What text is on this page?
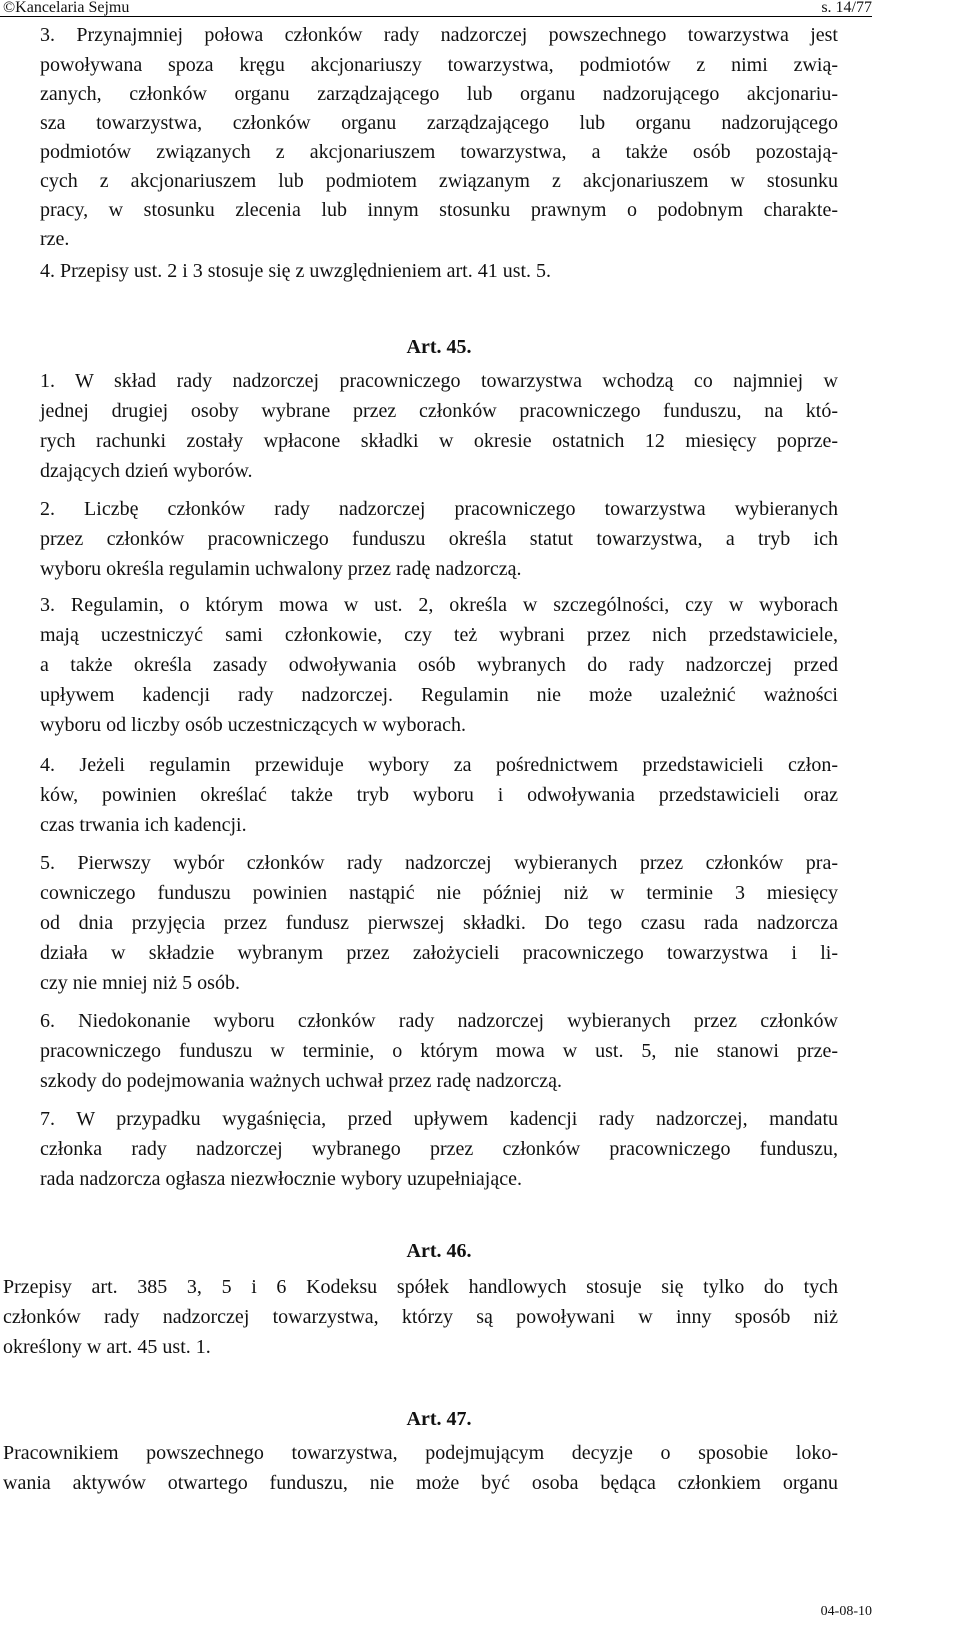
©Kancelaria Sejmu	s. 14/77

3. Przynajmniej połowa członków rady nadzorczej powszechnego towarzystwa jest

powoływana spoza kręgu akcjonariuszy towarzystwa, podmiotów z nimi zwią-

zanych, członków organu zarządzającego lub organu nadzorującego akcjonariu-

sza towarzystwa, członków organu zarządzającego lub organu nadzorującego

podmiotów związanych z akcjonariuszem towarzystwa, a także osób pozostają-

cych z akcjonariuszem lub podmiotem związanym z akcjonariuszem w stosunku

pracy, w stosunku zlecenia lub innym stosunku prawnym o podobnym charakte-

rze.

4. Przepisy ust. 2 i 3 stosuje się z uwzględnieniem art. 41 ust. 5.

Art. 45.

1. W skład rady nadzorczej pracowniczego towarzystwa wchodzą co najmniej w

jednej drugiej osoby wybrane przez członków pracowniczego funduszu, na któ-

rych rachunki zostały wpłacone składki w okresie ostatnich 12 miesięcy poprze-

dzających dzień wyborów.

2. Liczbę członków rady nadzorczej pracowniczego towarzystwa wybieranych

przez członków pracowniczego funduszu określa statut towarzystwa, a tryb ich

wyboru określa regulamin uchwalony przez radę nadzorczą.

3. Regulamin, o którym mowa w ust. 2, określa w szczególności, czy w wyborach

mają uczestniczyć sami członkowie, czy też wybrani przez nich przedstawiciele,

a także określa zasady odwoływania osób wybranych do rady nadzorczej przed

upływem kadencji rady nadzorczej. Regulamin nie może uzależnić ważności

wyboru od liczby osób uczestniczących w wyborach.

4. Jeżeli regulamin przewiduje wybory za pośrednictwem przedstawicieli człon-

ków, powinien określać także tryb wyboru i odwoływania przedstawicieli oraz

czas trwania ich kadencji.

5. Pierwszy wybór członków rady nadzorczej wybieranych przez członków pra-

cowniczego funduszu powinien nastąpić nie później niż w terminie 3 miesięcy

od dnia przyjęcia przez fundusz pierwszej składki. Do tego czasu rada nadzorcza

działa w składzie wybranym przez założycieli pracowniczego towarzystwa i li-

czy nie mniej niż 5 osób.

6. Niedokonanie wyboru członków rady nadzorczej wybieranych przez członków

pracowniczego funduszu w terminie, o którym mowa w ust. 5, nie stanowi prze-

szkody do podejmowania ważnych uchwał przez radę nadzorczą.

7. W przypadku wygaśnięcia, przed upływem kadencji rady nadzorczej, mandatu

członka rady nadzorczej wybranego przez członków pracowniczego funduszu,

rada nadzorcza ogłasza niezwłocznie wybory uzupełniające.

Art. 46.

Przepisy art. 385 3, 5 i 6 Kodeksu spółek handlowych stosuje się tylko do tych

członków rady nadzorczej towarzystwa, którzy są powoływani w inny sposób niż

określony w art. 45 ust. 1.

Art. 47.

Pracownikiem powszechnego towarzystwa, podejmującym decyzje o sposobie loko-

wania aktywów otwartego funduszu, nie może być osoba będąca członkiem organu

04-08-10
